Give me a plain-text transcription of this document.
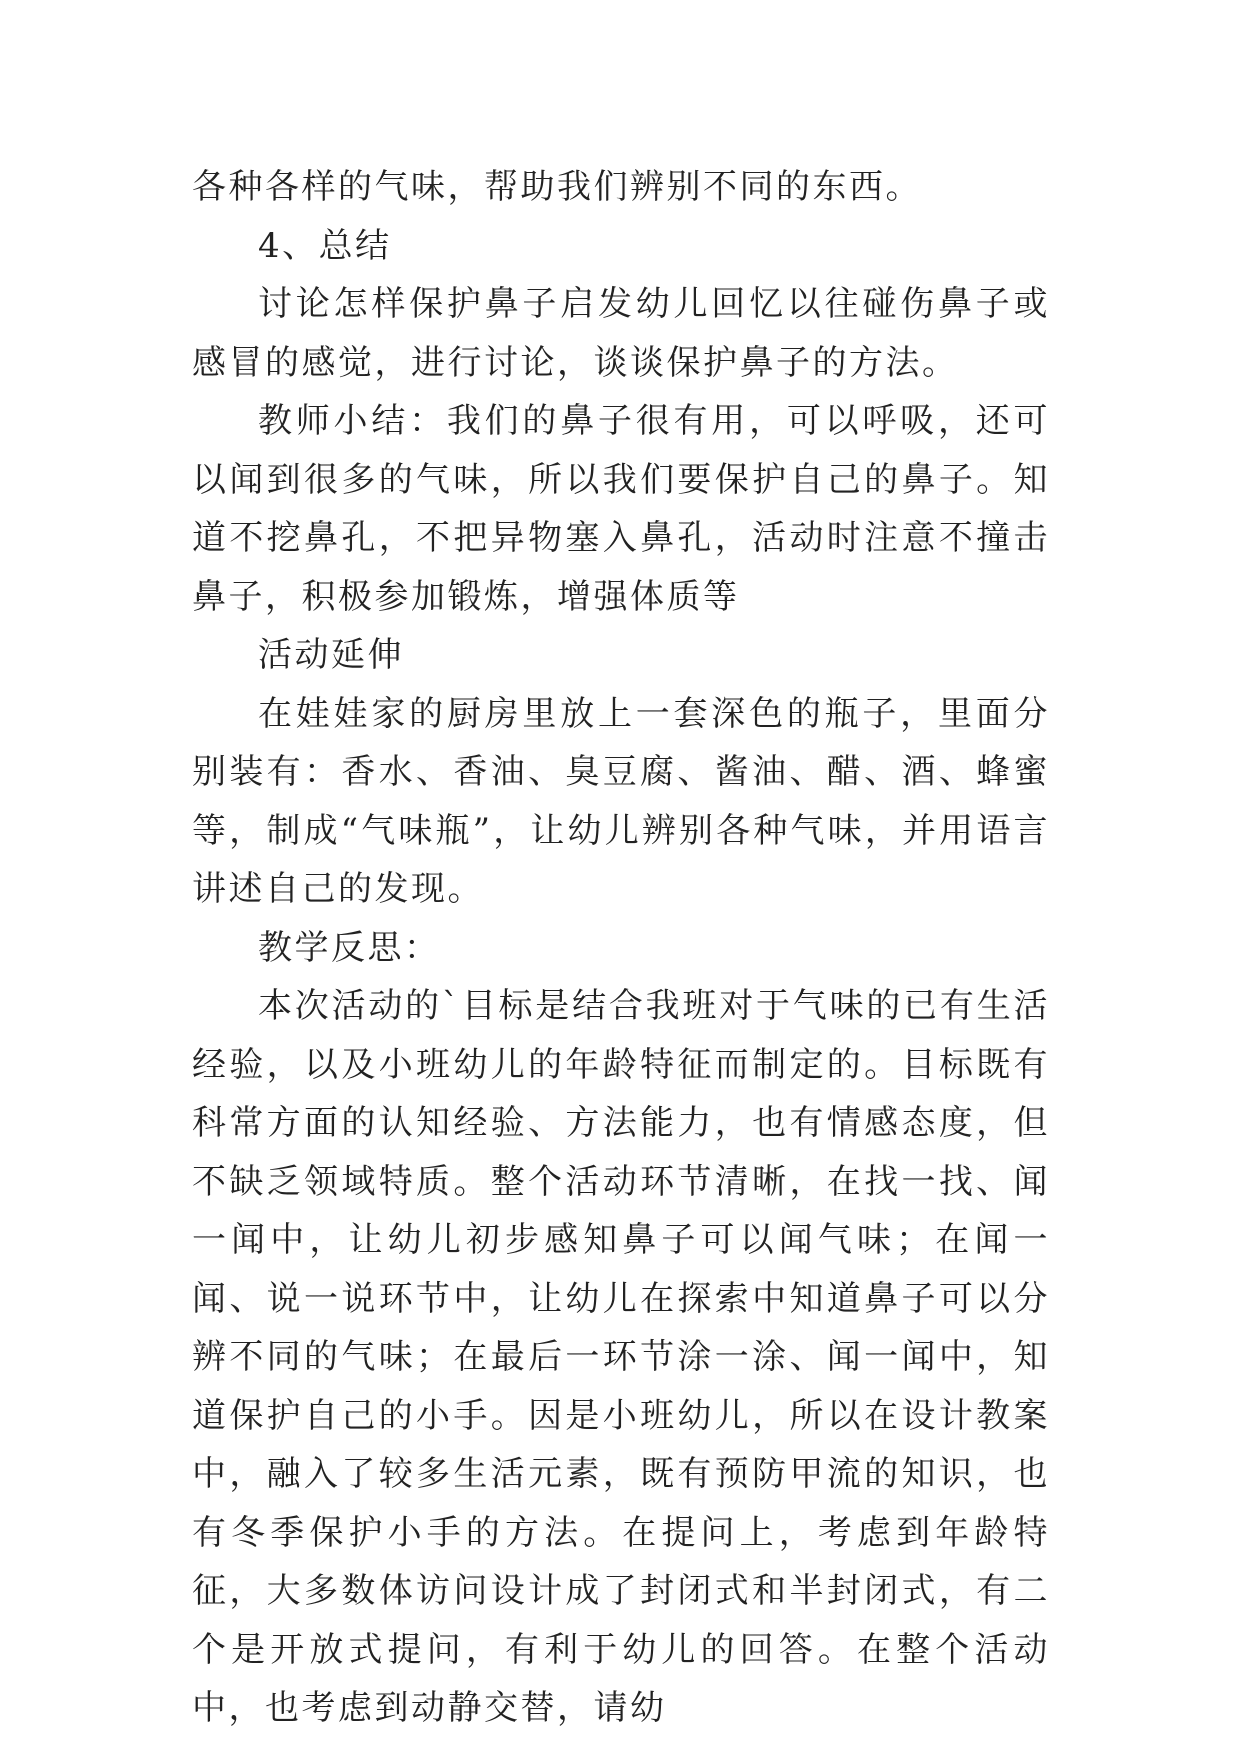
各种各样的气味，帮助我们辨别不同的东西。

4、总结

讨论怎样保护鼻子启发幼儿回忆以往碰伤鼻子或感冒的感觉，进行讨论，谈谈保护鼻子的方法。

教师小结：我们的鼻子很有用，可以呼吸，还可以闻到很多的气味，所以我们要保护自己的鼻子。知道不挖鼻孔，不把异物塞入鼻孔，活动时注意不撞击鼻子，积极参加锻炼，增强体质等

活动延伸

在娃娃家的厨房里放上一套深色的瓶子，里面分别装有：香水、香油、臭豆腐、酱油、醋、酒、蜂蜜等，制成“气味瓶”，让幼儿辨别各种气味，并用语言讲述自己的发现。

教学反思：

本次活动的`目标是结合我班对于气味的已有生活经验，以及小班幼儿的年龄特征而制定的。目标既有科常方面的认知经验、方法能力，也有情感态度，但不缺乏领域特质。整个活动环节清晰，在找一找、闻一闻中，让幼儿初步感知鼻子可以闻气味；在闻一闻、说一说环节中，让幼儿在探索中知道鼻子可以分辨不同的气味；在最后一环节涂一涂、闻一闻中，知道保护自己的小手。因是小班幼儿，所以在设计教案中，融入了较多生活元素，既有预防甲流的知识，也有冬季保护小手的方法。在提问上，考虑到年龄特征，大多数体访问设计成了封闭式和半封闭式，有二个是开放式提问，有利于幼儿的回答。在整个活动中，也考虑到动静交替，请幼
